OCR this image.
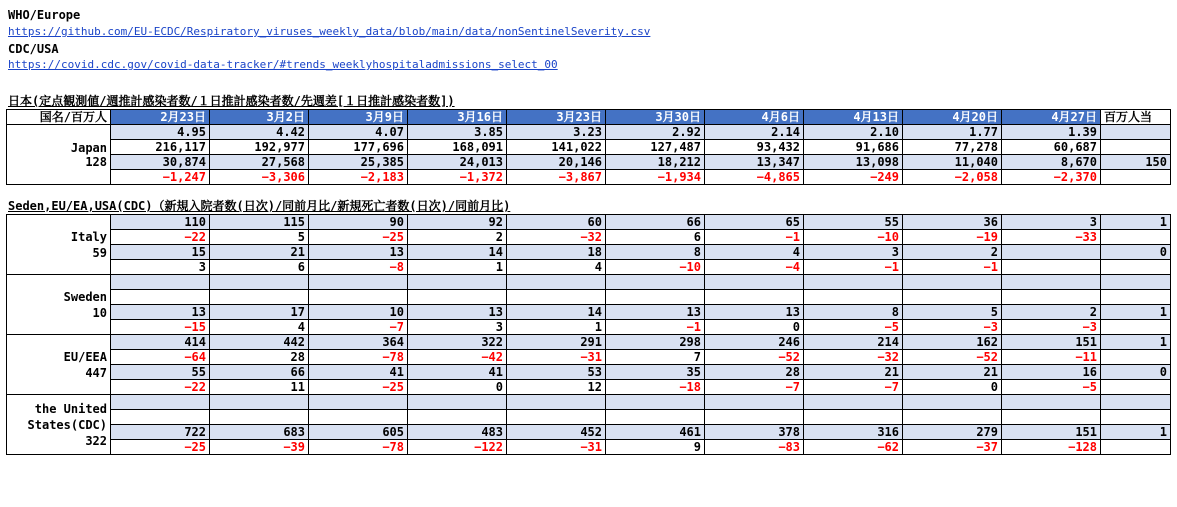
WHO/Europe
https://github.com/EU-ECDC/Respiratory_viruses_weekly_data/blob/main/data/nonSentinelSeverity.csv
CDC/USA
https://covid.cdc.gov/covid-data-tracker/#trends_weeklyhospitaladmissions_select_00
日本(定点観測値/週推計感染者数/１日推計感染者数/先週差[１日推計感染者数])
国名/百万人	2月23日	3月2日	3月9日	3月16日	3月23日	3月30日	4月6日	4月13日	4月20日	4月27日	百万人当

Japan
128	4.95	4.42	4.07	3.85	3.23	2.92	2.14	2.10	1.77	1.39	
	216,117	192,977	177,696	168,091	141,022	127,487	93,432	91,686	77,278	60,687	
	30,874	27,568	25,385	24,013	20,146	18,212	13,347	13,098	11,040	8,670	150
	−1,247	−3,306	−2,183	−1,372	−3,867	−1,934	−4,865	−249	−2,058	−2,370	
Seden,EU/EA,USA(CDC)（新規入院者数(日次)/同前月比/新規死亡者数(日次)/同前月比)
Italy
59	110	115	90	92	60	66	65	55	36	3	1
	−22	5	−25	2	−32	6	−1	−10	−19	−33	
	15	21	13	14	18	8	4	3	2		0
	3	6	−8	1	4	−10	−4	−1	−1		

Sweden
10											

	13	17	10	13	14	13	13	8	5	2	1
	−15	4	−7	3	1	−1	0	−5	−3	−3	

EU/EEA
447	414	442	364	322	291	298	246	214	162	151	1
	−64	28	−78	−42	−31	7	−52	−32	−52	−11	
	55	66	41	41	53	35	28	21	21	16	0
	−22	11	−25	0	12	−18	−7	−7	0	−5	

the United States(CDC)
322											

	722	683	605	483	452	461	378	316	279	151	1
	−25	−39	−78	−122	−31	9	−83	−62	−37	−128	
